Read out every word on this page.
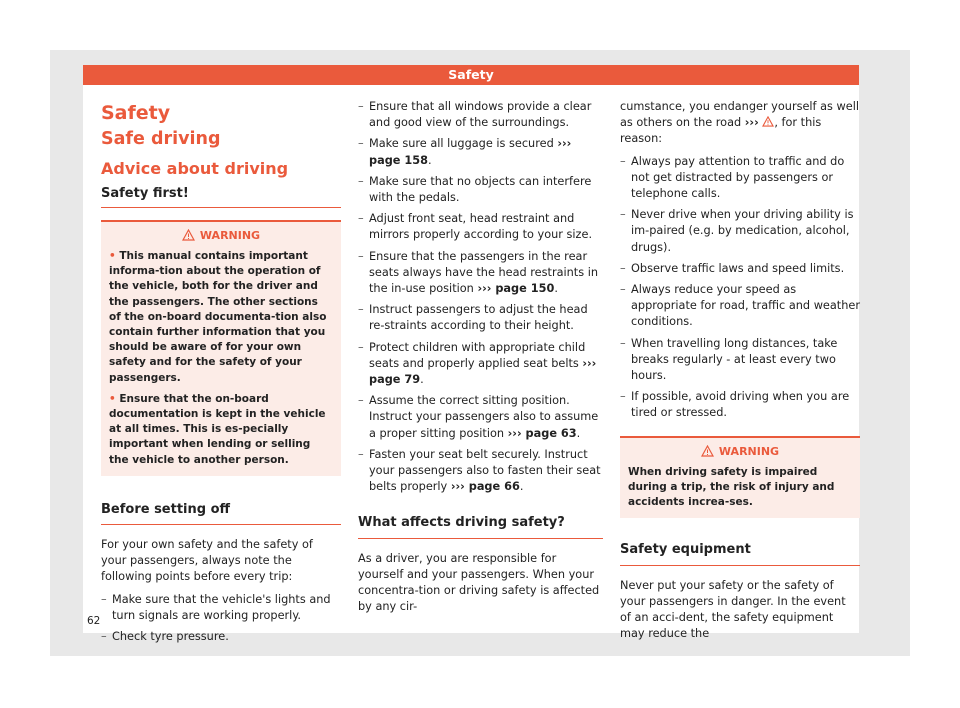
Safety
Safety
Safe driving
Advice about driving
Safety first!
WARNING

• This manual contains important informa-tion about the operation of the vehicle, both for the driver and the passengers. The other sections of the on-board documenta-tion also contain further information that you should be aware of for your own safety and for the safety of your passengers.

• Ensure that the on-board documentation is kept in the vehicle at all times. This is es-pecially important when lending or selling the vehicle to another person.

Before setting off

For your own safety and the safety of your passengers, always note the following points before every trip:

– Make sure that the vehicle's lights and turn signals are working properly.
– Check tyre pressure.
– Ensure that all windows provide a clear and good view of the surroundings.
– Make sure all luggage is secured ››› page 158.
– Make sure that no objects can interfere with the pedals.
– Adjust front seat, head restraint and mirrors properly according to your size.
– Ensure that the passengers in the rear seats always have the head restraints in the in-use position ››› page 150.
– Instruct passengers to adjust the head re-straints according to their height.
– Protect children with appropriate child seats and properly applied seat belts ››› page 79.
– Assume the correct sitting position. Instruct your passengers also to assume a proper sitting position ››› page 63.
– Fasten your seat belt securely. Instruct your passengers also to fasten their seat belts properly ››› page 66.
What affects driving safety?

As a driver, you are responsible for yourself and your passengers. When your concentra-tion or driving safety is affected by any cir-

cumstance, you endanger yourself as well as others on the road ››› , for this reason:

– Always pay attention to traffic and do not get distracted by passengers or telephone calls.
– Never drive when your driving ability is im-paired (e.g. by medication, alcohol, drugs).
– Observe traffic laws and speed limits.
– Always reduce your speed as appropriate for road, traffic and weather conditions.
– When travelling long distances, take breaks regularly - at least every two hours.
– If possible, avoid driving when you are tired or stressed.
WARNING

When driving safety is impaired during a trip, the risk of injury and accidents increa-ses.

Safety equipment

Never put your safety or the safety of your passengers in danger. In the event of an acci-dent, the safety equipment may reduce the

62
